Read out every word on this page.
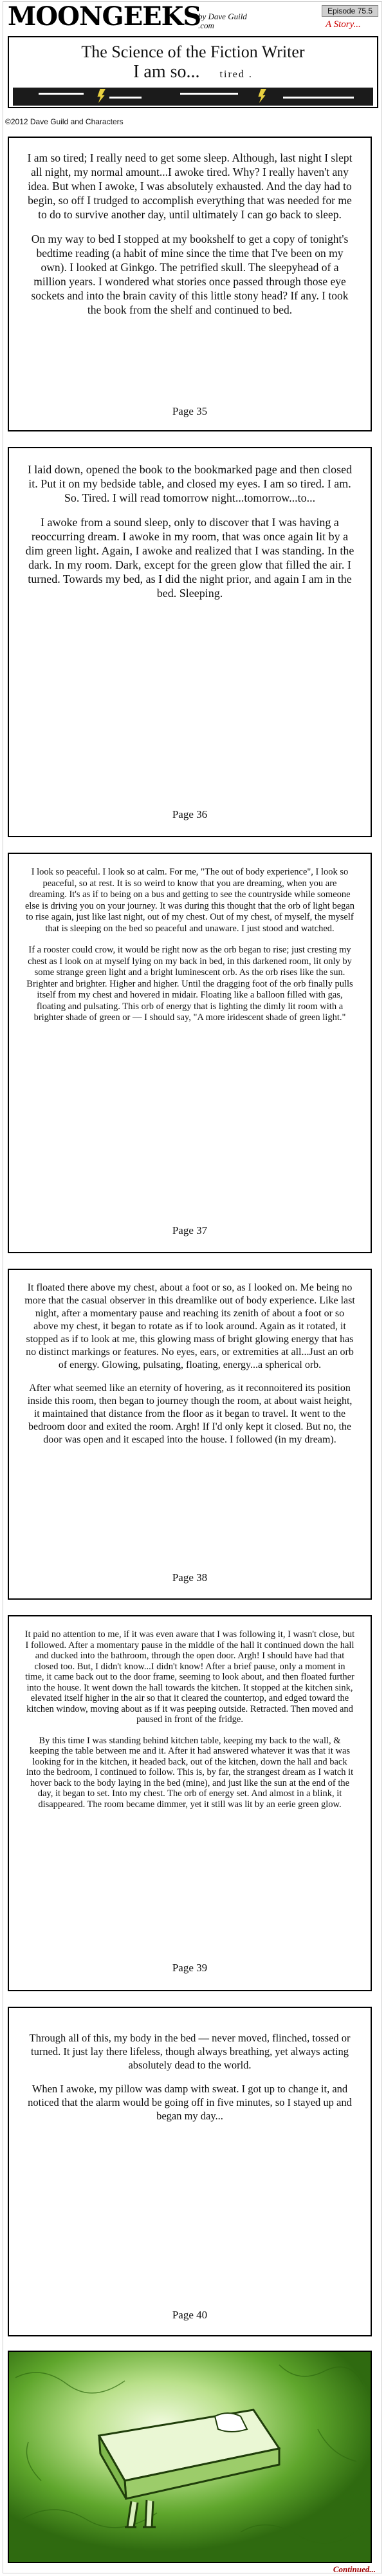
MOONGEEKS
by Dave Guild
.com
Episode 75.5
A Story...
The Science of the Fiction Writer
I am so... tired .
©2012 Dave Guild and Characters

I am so tired; I really need to get some sleep. Although, last night I slept all night, my normal amount...I awoke tired. Why? I really haven't any idea. But when I awoke, I was absolutely exhausted. And the day had to begin, so off I trudged to accomplish everything that was needed for me to do to survive another day, until ultimately I can go back to sleep.

On my way to bed I stopped at my bookshelf to get a copy of tonight's bedtime reading (a habit of mine since the time that I've been on my own). I looked at Ginkgo. The petrified skull. The sleepyhead of a million years. I wondered what stories once passed through those eye sockets and into the brain cavity of this little stony head? If any. I took the book from the shelf and continued to bed.

Page 35

I laid down, opened the book to the bookmarked page and then closed it. Put it on my bedside table, and closed my eyes. I am so tired. I am. So. Tired. I will read tomorrow night...tomorrow...to...

I awoke from a sound sleep, only to discover that I was having a reoccurring dream. I awoke in my room, that was once again lit by a dim green light. Again, I awoke and realized that I was standing. In the dark. In my room. Dark, except for the green glow that filled the air. I turned. Towards my bed, as I did the night prior, and again I am in the bed. Sleeping.

Page 36

I look so peaceful. I look so at calm. For me, "The out of body experience", I look so peaceful, so at rest. It is so weird to know that you are dreaming, when you are dreaming. It's as if to being on a bus and getting to see the countryside while someone else is driving you on your journey. It was during this thought that the orb of light began to rise again, just like last night, out of my chest. Out of my chest, of myself, the myself that is sleeping on the bed so peaceful and unaware. I just stood and watched.

If a rooster could crow, it would be right now as the orb began to rise; just cresting my chest as I look on at myself lying on my back in bed, in this darkened room, lit only by some strange green light and a bright luminescent orb. As the orb rises like the sun. Brighter and brighter. Higher and higher. Until the dragging foot of the orb finally pulls itself from my chest and hovered in midair. Floating like a balloon filled with gas, floating and pulsating. This orb of energy that is lighting the dimly lit room with a brighter shade of green or — I should say, "A more iridescent shade of green light."

Page 37

It floated there above my chest, about a foot or so, as I looked on. Me being no more that the casual observer in this dreamlike out of body experience. Like last night, after a momentary pause and reaching its zenith of about a foot or so above my chest, it began to rotate as if to look around. Again as it rotated, it stopped as if to look at me, this glowing mass of bright glowing energy that has no distinct markings or features. No eyes, ears, or extremities at all...Just an orb of energy. Glowing, pulsating, floating, energy...a spherical orb.

After what seemed like an eternity of hovering, as it reconnoitered its position inside this room, then began to journey though the room, at about waist height, it maintained that distance from the floor as it began to travel. It went to the bedroom door and exited the room. Argh! If I'd only kept it closed. But no, the door was open and it escaped into the house. I followed (in my dream).

Page 38

It paid no attention to me, if it was even aware that I was following it, I wasn't close, but I followed. After a momentary pause in the middle of the hall it continued down the hall and ducked into the bathroom, through the open door. Argh! I should have had that closed too. But, I didn't know...I didn't know! After a brief pause, only a moment in time, it came back out to the door frame, seeming to look about, and then floated further into the house. It went down the hall towards the kitchen. It stopped at the kitchen sink, elevated itself higher in the air so that it cleared the countertop, and edged toward the kitchen window, moving about as if it was peeping outside. Retracted. Then moved and paused in front of the fridge.

By this time I was standing behind kitchen table, keeping my back to the wall, & keeping the table between me and it. After it had answered whatever it was that it was looking for in the kitchen, it headed back, out of the kitchen, down the hall and back into the bedroom, I continued to follow. This is, by far, the strangest dream as I watch it hover back to the body laying in the bed (mine), and just like the sun at the end of the day, it began to set. Into my chest. The orb of energy set. And almost in a blink, it disappeared. The room became dimmer, yet it still was lit by an eerie green glow.

Page 39

Through all of this, my body in the bed — never moved, flinched, tossed or turned. It just lay there lifeless, though always breathing, yet always acting absolutely dead to the world.

When I awoke, my pillow was damp with sweat. I got up to change it, and noticed that the alarm would be going off in five minutes, so I stayed up and began my day...

Page 40
Continued...
